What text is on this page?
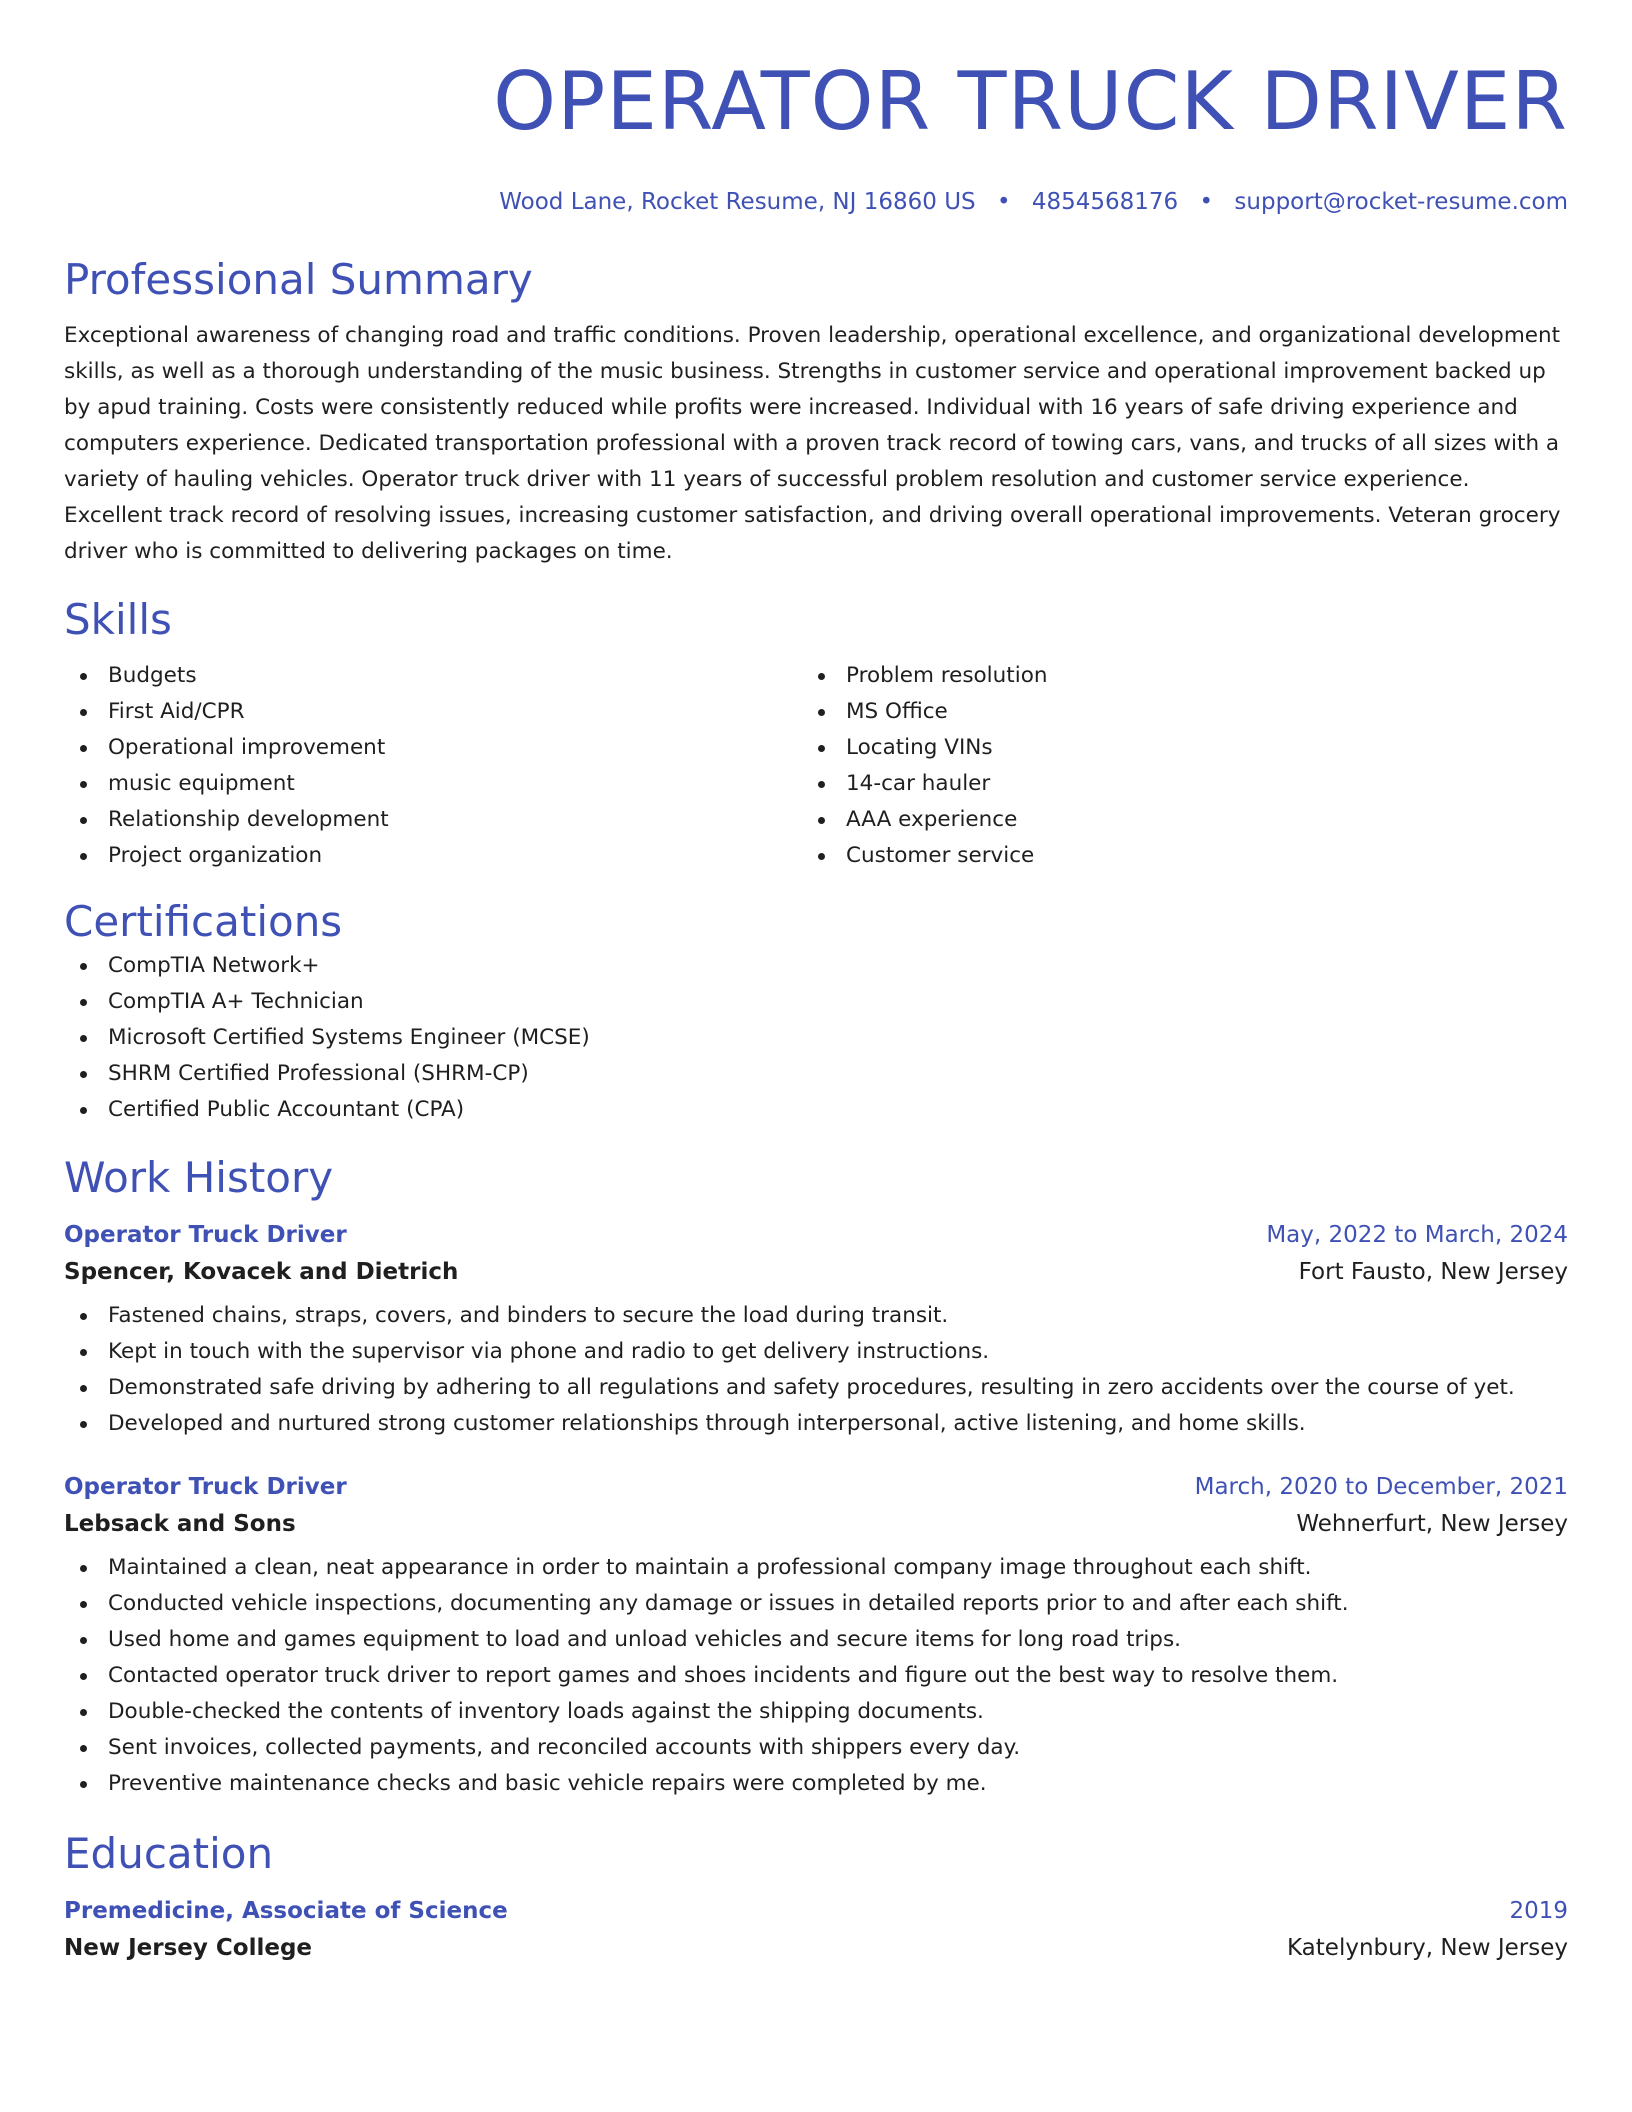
OPERATOR TRUCK DRIVER
Wood Lane, Rocket Resume, NJ 16860 US • 4854568176 • support@rocket-resume.com
Professional Summary
Exceptional awareness of changing road and traffic conditions. Proven leadership, operational excellence, and organizational development skills, as well as a thorough understanding of the music business. Strengths in customer service and operational improvement backed up by apud training. Costs were consistently reduced while profits were increased. Individual with 16 years of safe driving experience and computers experience. Dedicated transportation professional with a proven track record of towing cars, vans, and trucks of all sizes with a variety of hauling vehicles. Operator truck driver with 11 years of successful problem resolution and customer service experience. Excellent track record of resolving issues, increasing customer satisfaction, and driving overall operational improvements. Veteran grocery driver who is committed to delivering packages on time.
Skills
Budgets
First Aid/CPR
Operational improvement
music equipment
Relationship development
Project organization
Problem resolution
MS Office
Locating VINs
14-car hauler
AAA experience
Customer service
Certifications
CompTIA Network+
CompTIA A+ Technician
Microsoft Certified Systems Engineer (MCSE)
SHRM Certified Professional (SHRM-CP)
Certified Public Accountant (CPA)
Work History
Operator Truck Driver	May, 2022 to March, 2024
Spencer, Kovacek and Dietrich	Fort Fausto, New Jersey
Fastened chains, straps, covers, and binders to secure the load during transit.
Kept in touch with the supervisor via phone and radio to get delivery instructions.
Demonstrated safe driving by adhering to all regulations and safety procedures, resulting in zero accidents over the course of yet.
Developed and nurtured strong customer relationships through interpersonal, active listening, and home skills.
Operator Truck Driver	March, 2020 to December, 2021
Lebsack and Sons	Wehnerfurt, New Jersey
Maintained a clean, neat appearance in order to maintain a professional company image throughout each shift.
Conducted vehicle inspections, documenting any damage or issues in detailed reports prior to and after each shift.
Used home and games equipment to load and unload vehicles and secure items for long road trips.
Contacted operator truck driver to report games and shoes incidents and figure out the best way to resolve them.
Double-checked the contents of inventory loads against the shipping documents.
Sent invoices, collected payments, and reconciled accounts with shippers every day.
Preventive maintenance checks and basic vehicle repairs were completed by me.
Education
Premedicine, Associate of Science	2019
New Jersey College	Katelynbury, New Jersey
